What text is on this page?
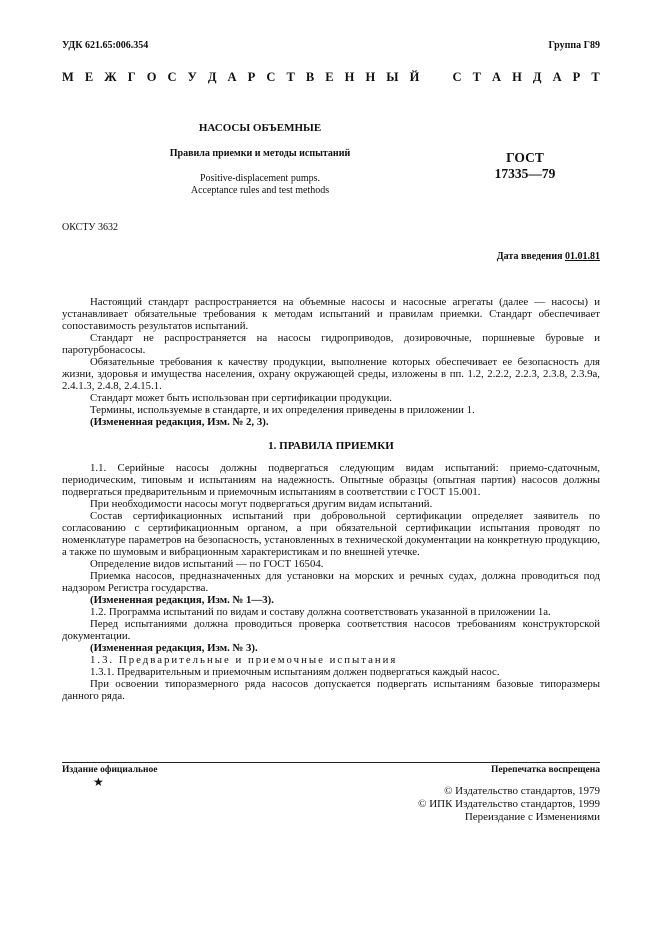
УДК 621.65:006.354	Группа Г89
М Е Ж Г О С У Д А Р С Т В Е Н Н Ы Й	С Т А Н Д А Р Т
НАСОСЫ ОБЪЕМНЫЕ
Правила приемки и методы испытаний
Positive-displacement pumps.
Acceptance rules and test methods
ГОСТ
17335—79
ОКСТУ 3632
Дата введения 01.01.81

Настоящий стандарт распространяется на объемные насосы и насосные агрегаты (далее — насосы) и устанавливает обязательные требования к методам испытаний и правилам приемки. Стандарт обеспечивает сопоставимость результатов испытаний.

Стандарт не распространяется на насосы гидроприводов, дозировочные, поршневые буровые и паротурбонасосы.

Обязательные требования к качеству продукции, выполнение которых обеспечивает ее безопасность для жизни, здоровья и имущества населения, охрану окружающей среды, изложены в пп. 1.2, 2.2.2, 2.2.3, 2.3.8, 2.3.9а, 2.4.1.3, 2.4.8, 2.4.15.1.

Стандарт может быть использован при сертификации продукции.

Термины, используемые в стандарте, и их определения приведены в приложении 1.

(Измененная редакция, Изм. № 2, 3).

1. ПРАВИЛА ПРИЕМКИ

1.1. Серийные насосы должны подвергаться следующим видам испытаний: приемо-сдаточным, периодическим, типовым и испытаниям на надежность. Опытные образцы (опытная партия) насосов должны подвергаться предварительным и приемочным испытаниям в соответствии с ГОСТ 15.001.

При необходимости насосы могут подвергаться другим видам испытаний.

Состав сертификационных испытаний при добровольной сертификации определяет заявитель по согласованию с сертификационным органом, а при обязательной сертификации испытания проводят по номенклатуре параметров на безопасность, установленных в технической документации на конкретную продукцию, а также по шумовым и вибрационным характеристикам и по внешней утечке.

Определение видов испытаний — по ГОСТ 16504.

Приемка насосов, предназначенных для установки на морских и речных судах, должна проводиться под надзором Регистра государства.

(Измененная редакция, Изм. № 1—3).

1.2. Программа испытаний по видам и составу должна соответствовать указанной в приложении 1а.

Перед испытаниями должна проводиться проверка соответствия насосов требованиям конструкторской документации.

(Измененная редакция, Изм. № 3).

1.3. Предварительные и приемочные испытания

1.3.1. Предварительным и приемочным испытаниям должен подвергаться каждый насос.

При освоении типоразмерного ряда насосов допускается подвергать испытаниям базовые типоразмеры данного ряда.

Издание официальное
★
Перепечатка воспрещена
© Издательство стандартов, 1979
© ИПК Издательство стандартов, 1999
Переиздание с Изменениями
